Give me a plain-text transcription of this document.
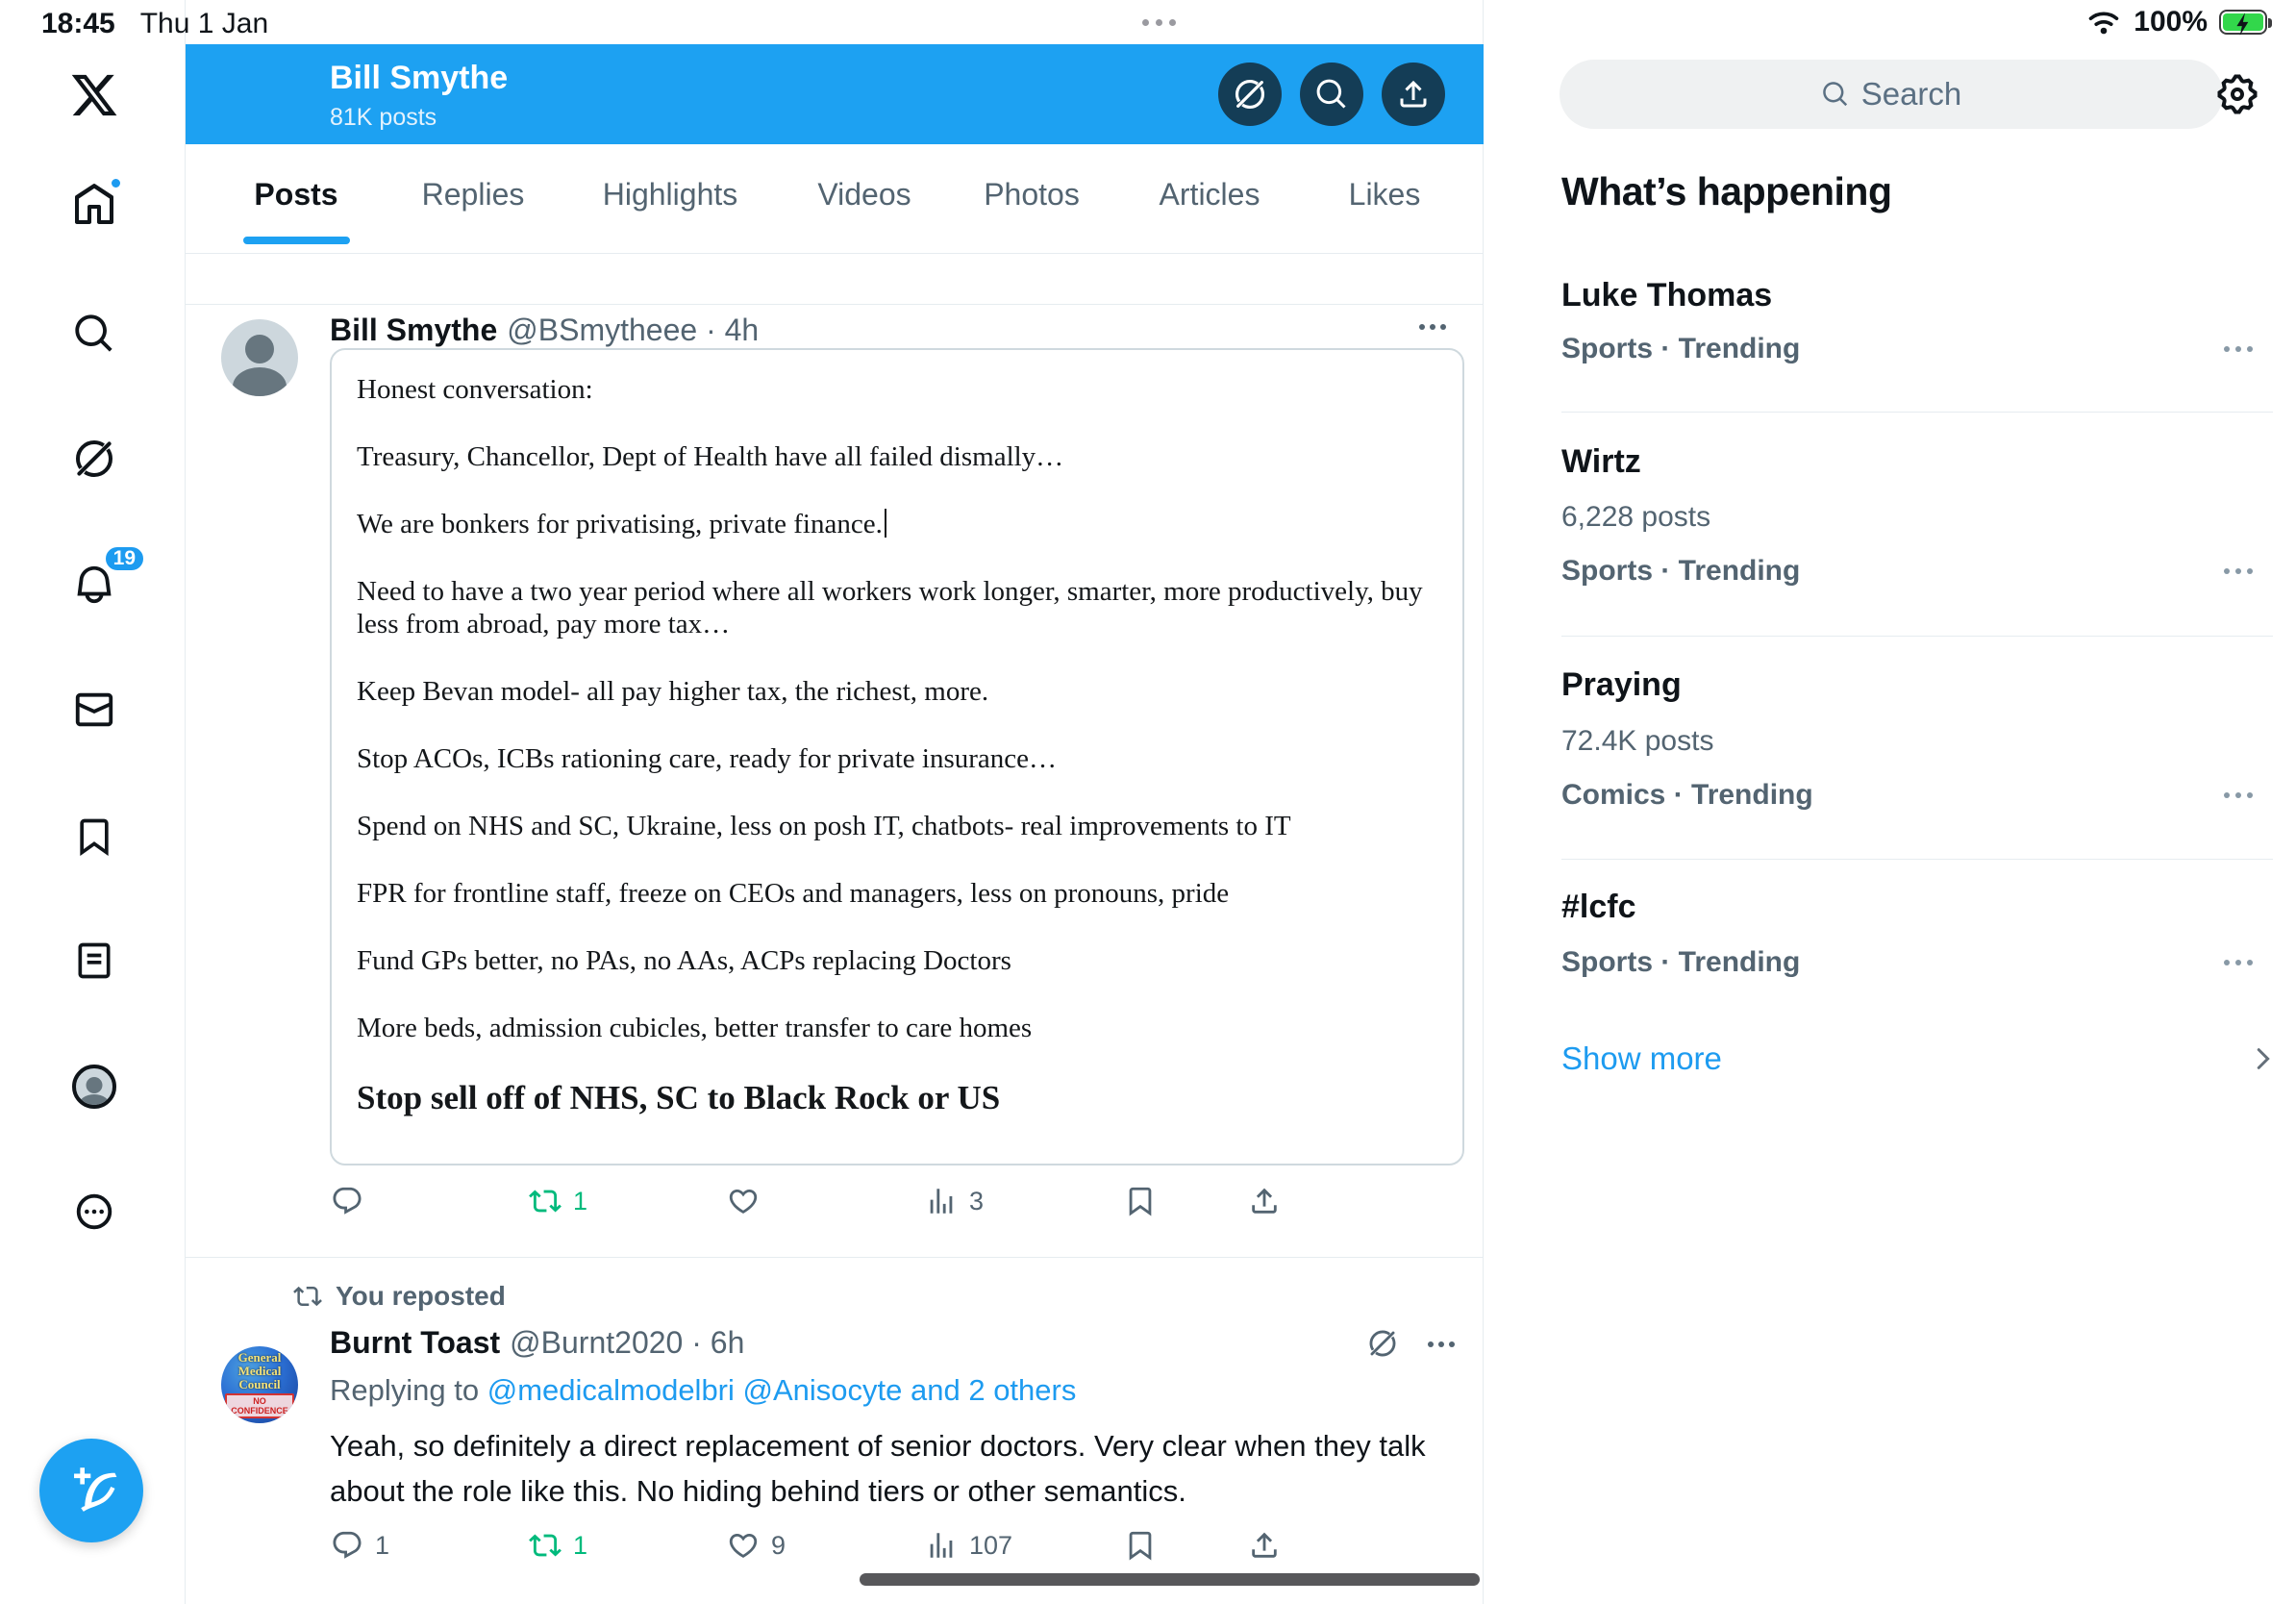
18:45 Thu 1 Jan	100%
19
Bill Smythe
81K posts
Posts	Replies	Highlights	Videos Photos	Articles	Likes
Bill Smythe @BSmytheee · 4h

Honest conversation:

Treasury, Chancellor, Dept of Health have all failed dismally…

We are bonkers for privatising, private finance.

Need to have a two year period where all workers work longer, smarter, more productively, buy less from abroad, pay more tax…

Keep Bevan model- all pay higher tax, the richest, more.

Stop ACOs, ICBs rationing care, ready for private insurance…

Spend on NHS and SC, Ukraine, less on posh IT, chatbots- real improvements to IT

FPR for frontline staff, freeze on CEOs and managers, less on pronouns, pride

Fund GPs better, no PAs, no AAs, ACPs replacing Doctors

More beds, admission cubicles, better transfer to care homes

Stop sell off of NHS, SC to Black Rock or US

1	3
You reposted
General
Medical
Council
NO
CONFIDENCE
Burnt Toast @Burnt2020 · 6h
Replying to @medicalmodelbri @Anisocyte and 2 others
Yeah, so definitely a direct replacement of senior doctors. Very clear when they talk about the role like this. No hiding behind tiers or other semantics.
1	1	9	107
Search
What’s happening
Luke Thomas
Sports · Trending
Wirtz
6,228 posts
Sports · Trending
Praying
72.4K posts
Comics · Trending
#lcfc
Sports · Trending
Show more
